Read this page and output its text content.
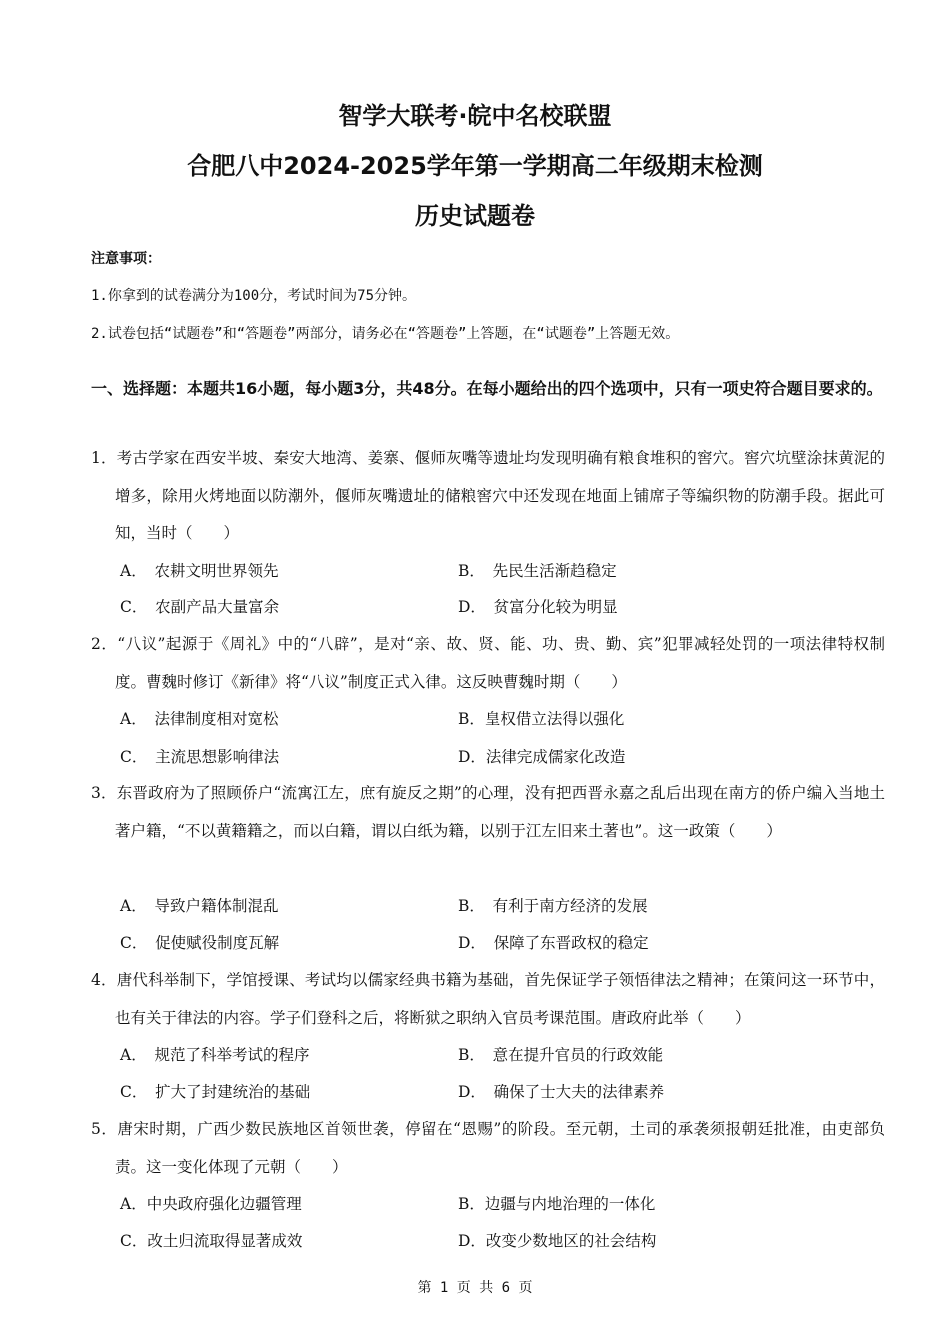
智学大联考·皖中名校联盟
合肥八中2024-2025学年第一学期高二年级期末检测
历史试题卷
注意事项：
1.你拿到的试卷满分为100分，考试时间为75分钟。
2.试卷包括“试题卷”和“答题卷”两部分，请务必在“答题卷”上答题，在“试题卷”上答题无效。
一、选择题：本题共16小题，每小题3分，共48分。在每小题给出的四个选项中，只有一项史符合题目要求的。
1．考古学家在西安半坡、秦安大地湾、姜寨、偃师灰嘴等遗址均发现明确有粮食堆积的窖穴。窖穴坑壁涂抹黄泥的增多，除用火烤地面以防潮外，偃师灰嘴遗址的储粮窖穴中还发现在地面上铺席子等编织物的防潮手段。据此可知，当时（　　）
A．　农耕文明世界领先	B．　先民生活渐趋稳定
C．　农副产品大量富余	D．　贫富分化较为明显
2．“八议”起源于《周礼》中的“八辟”，是对“亲、故、贤、能、功、贵、勤、宾”犯罪减轻处罚的一项法律特权制度。曹魏时修订《新律》将“八议”制度正式入律。这反映曹魏时期（　　）
A．　法律制度相对宽松	B．皇权借立法得以强化
C．　主流思想影响律法	D．法律完成儒家化改造
3．东晋政府为了照顾侨户“流寓江左，庶有旋反之期”的心理，没有把西晋永嘉之乱后出现在南方的侨户编入当地土著户籍，“不以黄籍籍之，而以白籍，谓以白纸为籍，以别于江左旧来土著也”。这一政策（　　）
A．　导致户籍体制混乱	B．　有利于南方经济的发展
C．　促使赋役制度瓦解	D．　保障了东晋政权的稳定
4．唐代科举制下，学馆授课、考试均以儒家经典书籍为基础，首先保证学子领悟律法之精神；在策问这一环节中，也有关于律法的内容。学子们登科之后，将断狱之职纳入官员考课范围。唐政府此举（　　）
A．　规范了科举考试的程序	B．　意在提升官员的行政效能
C．　扩大了封建统治的基础	D．　确保了士大夫的法律素养
5．唐宋时期，广西少数民族地区首领世袭，停留在“恩赐”的阶段。至元朝，土司的承袭须报朝廷批准，由吏部负责。这一变化体现了元朝（　　）
A．中央政府强化边疆管理	B．边疆与内地治理的一体化
C．改土归流取得显著成效	D．改变少数地区的社会结构
第 1 页 共 6 页
